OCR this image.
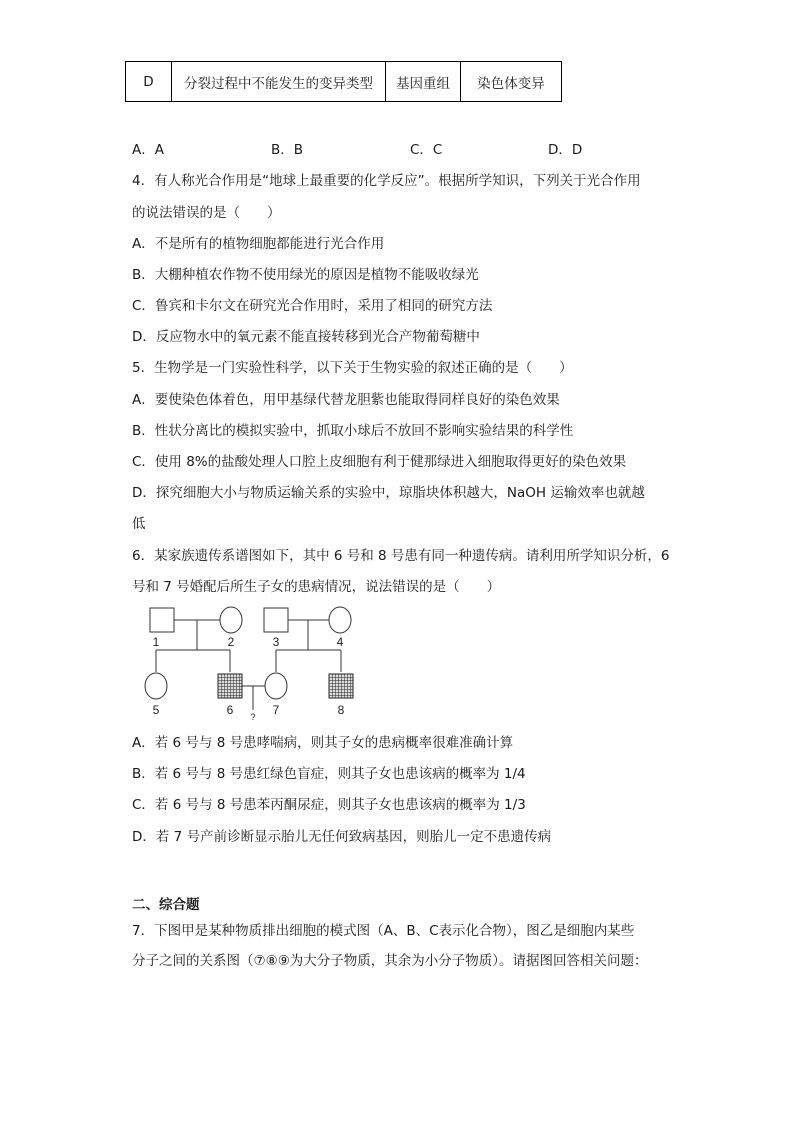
D	分裂过程中不能发生的变异类型	基因重组	染色体变异
A．A	B．B	C．C	D．D
4．有人称光合作用是“地球上最重要的化学反应”。根据所学知识，下列关于光合作用
的说法错误的是（　　）
A．不是所有的植物细胞都能进行光合作用
B．大棚种植农作物不使用绿光的原因是植物不能吸收绿光
C．鲁宾和卡尔文在研究光合作用时，采用了相同的研究方法
D．反应物水中的氧元素不能直接转移到光合产物葡萄糖中
5．生物学是一门实验性科学，以下关于生物实验的叙述正确的是（　　）
A．要使染色体着色，用甲基绿代替龙胆紫也能取得同样良好的染色效果
B．性状分离比的模拟实验中，抓取小球后不放回不影响实验结果的科学性
C．使用 8%的盐酸处理人口腔上皮细胞有利于健那绿进入细胞取得更好的染色效果
D．探究细胞大小与物质运输关系的实验中，琼脂块体积越大，NaOH 运输效率也就越
低
6．某家族遗传系谱图如下，其中 6 号和 8 号患有同一种遗传病。请利用所学知识分析，6
号和 7 号婚配后所生子女的患病情况，说法错误的是（　　）
1	2	3	4
5	6	7	8
?
A．若 6 号与 8 号患哮喘病，则其子女的患病概率很难准确计算
B．若 6 号与 8 号患红绿色盲症，则其子女也患该病的概率为 1/4
C．若 6 号与 8 号患苯丙酮尿症，则其子女也患该病的概率为 1/3
D．若 7 号产前诊断显示胎儿无任何致病基因，则胎儿一定不患遗传病
二、综合题
7．下图甲是某种物质排出细胞的模式图（A、B、C表示化合物），图乙是细胞内某些
分子之间的关系图（⑦⑧⑨为大分子物质，其余为小分子物质）。请据图回答相关问题：
